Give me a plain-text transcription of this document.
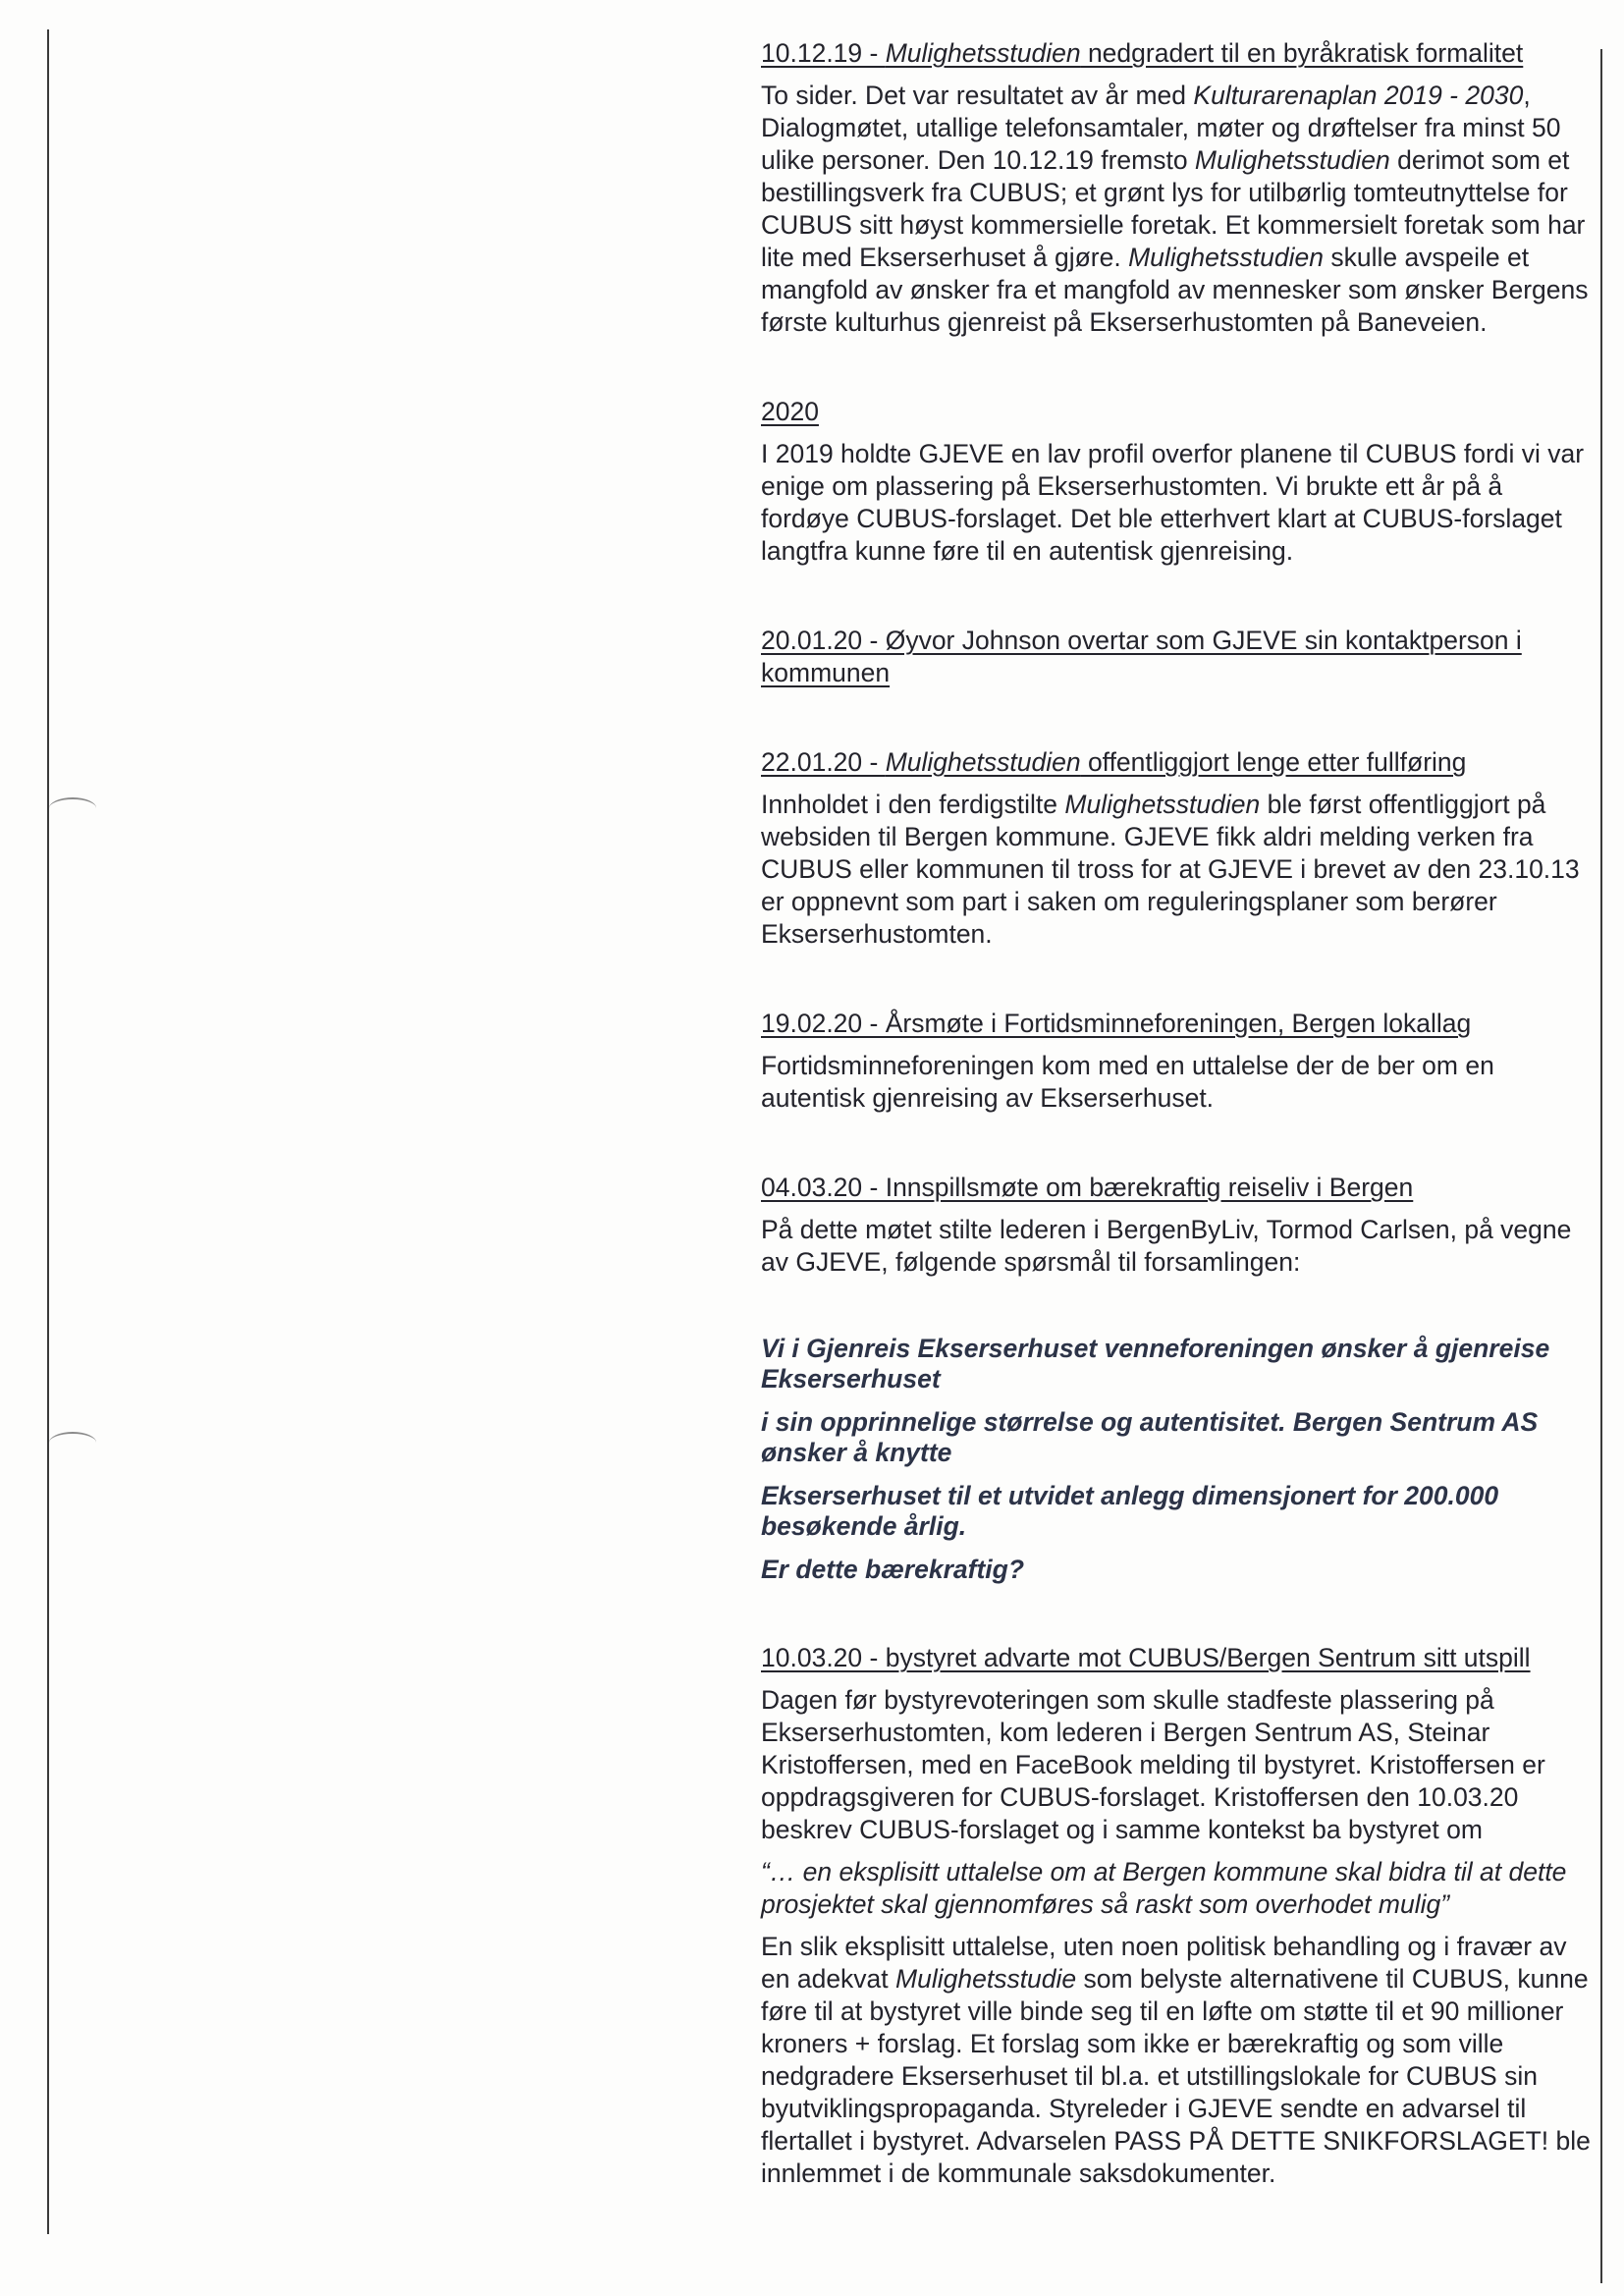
10.12.19 - Mulighetsstudien nedgradert til en byråkratisk formalitet

To sider. Det var resultatet av år med Kulturarenaplan 2019 - 2030, Dialogmøtet, utallige telefonsamtaler, møter og drøftelser fra minst 50 ulike personer. Den 10.12.19 fremsto Mulighetsstudien derimot som et bestillingsverk fra CUBUS; et grønt lys for utilbørlig tomteutnyttelse for CUBUS sitt høyst kommersielle foretak. Et kommersielt foretak som har lite med Ekserserhuset å gjøre. Mulighetsstudien skulle avspeile et mangfold av ønsker fra et mangfold av mennesker som ønsker Bergens første kulturhus gjenreist på Ekserserhustomten på Baneveien.

2020

I 2019 holdte GJEVE en lav profil overfor planene til CUBUS fordi vi var enige om plassering på Ekserserhustomten. Vi brukte ett år på å fordøye CUBUS-forslaget. Det ble etterhvert klart at CUBUS-forslaget langtfra kunne føre til en autentisk gjenreising.

20.01.20 - Øyvor Johnson overtar som GJEVE sin kontaktperson i kommunen
22.01.20 - Mulighetsstudien offentliggjort lenge etter fullføring

Innholdet i den ferdigstilte Mulighetsstudien ble først offentliggjort på websiden til Bergen kommune. GJEVE fikk aldri melding verken fra CUBUS eller kommunen til tross for at GJEVE i brevet av den 23.10.13 er oppnevnt som part i saken om reguleringsplaner som berører Ekserserhustomten.

19.02.20 - Årsmøte i Fortidsminneforeningen, Bergen lokallag

Fortidsminneforeningen kom med en uttalelse der de ber om en autentisk gjenreising av Ekserserhuset.

04.03.20 - Innspillsmøte om bærekraftig reiseliv i Bergen

På dette møtet stilte lederen i BergenByLiv, Tormod Carlsen, på vegne av GJEVE, følgende spørsmål til forsamlingen:

Vi i Gjenreis Ekserserhuset venneforeningen ønsker å gjenreise Ekserserhuset

i sin opprinnelige størrelse og autentisitet. Bergen Sentrum AS ønsker å knytte

Ekserserhuset til et utvidet anlegg dimensjonert for 200.000 besøkende årlig.

Er dette bærekraftig?

10.03.20 - bystyret advarte mot CUBUS/Bergen Sentrum sitt utspill

Dagen før bystyrevoteringen som skulle stadfeste plassering på Ekserserhustomten, kom lederen i Bergen Sentrum AS, Steinar Kristoffersen, med en FaceBook melding til bystyret. Kristoffersen er oppdragsgiveren for CUBUS-forslaget. Kristoffersen den 10.03.20 beskrev CUBUS-forslaget og i samme kontekst ba bystyret om

“… en eksplisitt uttalelse om at Bergen kommune skal bidra til at dette prosjektet skal gjennomføres så raskt som overhodet mulig”

En slik eksplisitt uttalelse, uten noen politisk behandling og i fravær av en adekvat Mulighetsstudie som belyste alternativene til CUBUS, kunne føre til at bystyret ville binde seg til en løfte om støtte til et 90 millioner kroners + forslag. Et forslag som ikke er bærekraftig og som ville nedgradere Ekserserhuset til bl.a. et utstillingslokale for CUBUS sin byutviklingspropaganda. Styreleder i GJEVE sendte en advarsel til flertallet i bystyret. Advarselen PASS PÅ DETTE SNIKFORSLAGET! ble innlemmet i de kommunale saksdokumenter.
